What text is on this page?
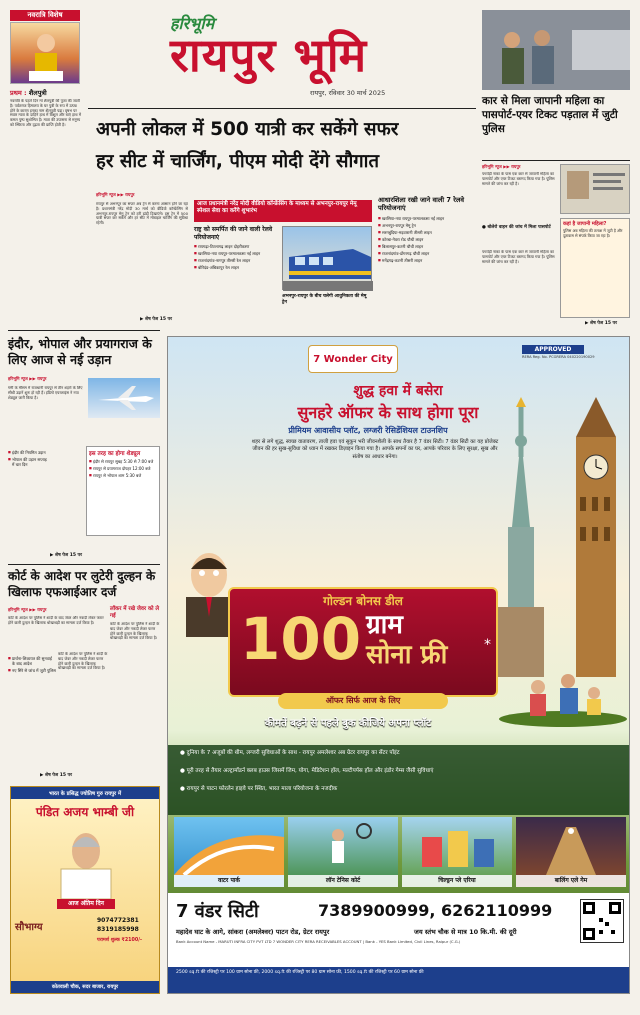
नवरात्रि विशेष
प्रथम : शैलपुत्री
नवरात्रि के पहले दिन मां शैलपुत्री की पूजा की जाती है। पर्वतराज हिमालय के घर पुत्री के रूप में उत्पन्न होने के कारण इनका नाम शैलपुत्री पड़ा। वृषभ पर सवार माता के दाहिने हाथ में त्रिशूल और बाएं हाथ में कमल पुष्प सुशोभित है। माता की उपासना से मनुष्य को स्थिरता और दृढ़ता की प्राप्ति होती है।
हरिभूमि
रायपुर भूमि
रायपुर, रविवार 30 मार्च 2025
कार से मिला जापानी महिला का पासपोर्ट-एयर टिकट पड़ताल में जुटी पुलिस
हरिभूमि न्यूज ▶▶ रायपुर
पचपेड़ी नाका के पास एक कार से जापानी महिला का पासपोर्ट और एयर टिकट बरामद किया गया है। पुलिस मामले की जांच कर रही है।
● बोलेरो वाहन की जांच में मिला पासपोर्ट
कहां है जापानी महिला?
पुलिस अब महिला की तलाश में जुटी है और दूतावास से संपर्क किया जा रहा है।
पचपेड़ी नाका के पास एक कार से जापानी महिला का पासपोर्ट और एयर टिकट बरामद किया गया है। पुलिस मामले की जांच कर रही है।
▶ शेष पेज 15 पर
अपनी लोकल में 500 यात्री कर सकेंगे सफर
हर सीट में चार्जिंग, पीएम मोदी देंगे सौगात
हरिभूमि न्यूज ▶▶ रायपुर
रायपुर से अभनपुर का सफर अब ट्रेन से करना आसान होने जा रहा है। प्रधानमंत्री नरेंद्र मोदी 30 मार्च को वीडियो कॉन्फ्रेंसिंग से अभनपुर-रायपुर मेमू ट्रेन को हरी झंडी दिखाएंगे। इस ट्रेन में 500 यात्री सफर कर सकेंगे और हर सीट में मोबाइल चार्जिंग की सुविधा रहेगी।
▶ शेष पेज 15 पर
आज प्रधानमंत्री नरेंद्र मोदी वीडियो कॉन्फ्रेंसिंग के माध्यम से अभनपुर-रायपुर मेमू स्पेशल सेवा का करेंगे शुभारंभ
राष्ट्र को समर्पित की जाने वाली रेलवे परियोजनाएं
■ रायगढ़ा-टिटलागढ़ लाइन दोहरीकरण
■ खरसिया-नया रायपुर-परमालकसा नई लाइन
■ राजनांदगांव-नागपुर तीसरी रेल लाइन
■ बोरिदंड-अंबिकापुर रेल लाइन
अभनपुर-रायपुर के बीच चलेगी आधुनिकता की मेमू ट्रेन
आधारशिला रखी जाने वाली 7 रेलवे परियोजनाएं
■ खरसिया-नया रायपुर-परमालकसा नई लाइन
■ अभनपुर-रायपुर मेमू ट्रेन
■ सरगबुंदिया-मड़वारानी तीसरी लाइन
■ कोरबा-गेवरा रोड चौथी लाइन
■ बिलासपुर-कटनी चौथी लाइन
■ राजनांदगांव-डोंगरगढ़ चौथी लाइन
■ मनेंद्रगढ़-कटनी तीसरी लाइन
इंदौर, भोपाल और प्रयागराज के लिए आज से नई उड़ान
हरिभूमि न्यूज ▶▶ रायपुर
गर्मी के मौसम में राजधानी रायपुर से तीन शहरों के लिए सीधी उड़ानें शुरू हो रही हैं। इंडिगो एयरलाइंस ने नया शेड्यूल जारी किया है।
■ इंदौर की नियमित उड़ान
■ भोपाल की उड़ान सप्ताह में चार दिन
इस तरह का होगा शेड्यूल
■ इंदौर से रायपुर सुबह 5:30 से 7:00 बजे
■ रायपुर से प्रयागराज दोपहर 12:00 बजे
■ रायपुर से भोपाल शाम 5:30 बजे
▶ शेष पेज 15 पर
कोर्ट के आदेश पर लुटेरी दुल्हन के खिलाफ एफआईआर दर्ज
हरिभूमि न्यूज ▶▶ रायपुर	लॉकर में रखे जेवर को ले गई
कोर्ट के आदेश पर पुलिस ने शादी के बाद जेवर और नकदी लेकर फरार होने वाली दुल्हन के खिलाफ धोखाधड़ी का मामला दर्ज किया है।
■ प्रार्थना-शिकायत की सुनवाई के बाद आदेश
■ नए सिरे से जांच में जुटी पुलिस
कोर्ट के आदेश पर पुलिस ने शादी के बाद जेवर और नकदी लेकर फरार होने वाली दुल्हन के खिलाफ धोखाधड़ी का मामला दर्ज किया है।
कोर्ट के आदेश पर पुलिस ने शादी के बाद जेवर और नकदी लेकर फरार होने वाली दुल्हन के खिलाफ धोखाधड़ी का मामला दर्ज किया है।
▶ शेष पेज 15 पर
भारत के प्रसिद्ध ज्योतिष गुरु रायपुर में
पंडित अजय भाम्बी जी
आज अंतिम दिन
सौभाग्य
9074772381
8319185998
परामर्श शुल्क ₹2100/-
कोतवाली चौक, सदर बाजार, रायपुर
7 Wonder City
APPROVED
RERA Reg. No. PCGRERA 040220190029
शुद्ध हवा में बसेरा
सुनहरे ऑफर के साथ होगा पूरा
प्रीमियम आवासीय प्लॉट, लग्जरी रेसिडेंशियल टाउनशिप
शहर से लगे शुद्ध, स्वच्छ वातावरण, ताजी हवा एवं सुकून भरी जीवनशैली के साथ तैयार है 7 वंडर सिटी। 7 वंडर सिटी का यह प्रोजेक्ट जीवन की हर सुख-सुविधा को ध्यान में रखकर डिज़ाइन किया गया है। आपके सपनों का घर, आपके परिवार के लिए सुरक्षा, सुख और संतोष का आधार बनेगा।
गोल्डन बोनस डील
100 ग्राम
सोना फ्री	*
ऑफर सिर्फ आज के लिए
कीमतें बढ़ने से पहले बुक कीजिये अपना प्लॉट
● दुनिया के 7 अजूबों की थीम, लग्जरी सुविधाओं के साथ - रायपुर अमलेश्वर अब ग्रेटर रायपुर का सेंटर पॉइंट
● पूरी तरह से तैयार अल्ट्रामॉडर्न क्लब हाउस जिसमें जिम, योगा, मेडिटेशन हॉल, मल्टीपर्पस हॉल और इंडोर गेम्स जैसी सुविधाएं
● रायपुर से पाटन फोरलेन हाइवे पर स्थित, भारत माला परियोजना के नजदीक
वाटर पार्क	लॉन टेनिस कोर्ट	चिल्ड्रन प्ले एरिया	बालिंग एले गेम
7 वंडर सिटी	7389900999, 6262110999
महादेव घाट के आगे, सांकरा (अमलेश्वर) पाटन रोड, ग्रेटर रायपुर	जय स्तंभ चौक से मात्र 10 कि.मी. की दूरी
Bank Account Name - MARUTI INFRA CITY PVT LTD 7 WONDER CITY RERA RECEIVABLES ACCOUNT | Bank - YES Bank Limited, Civil Lines, Raipur (C.G.)
2500 sq.ft की रजिस्ट्री पर 100 ग्राम सोना फ्री, 2000 sq.ft की रजिस्ट्री पर 80 ग्राम सोना फ्री, 1500 sq.ft की रजिस्ट्री पर 60 ग्राम सोना फ्री
